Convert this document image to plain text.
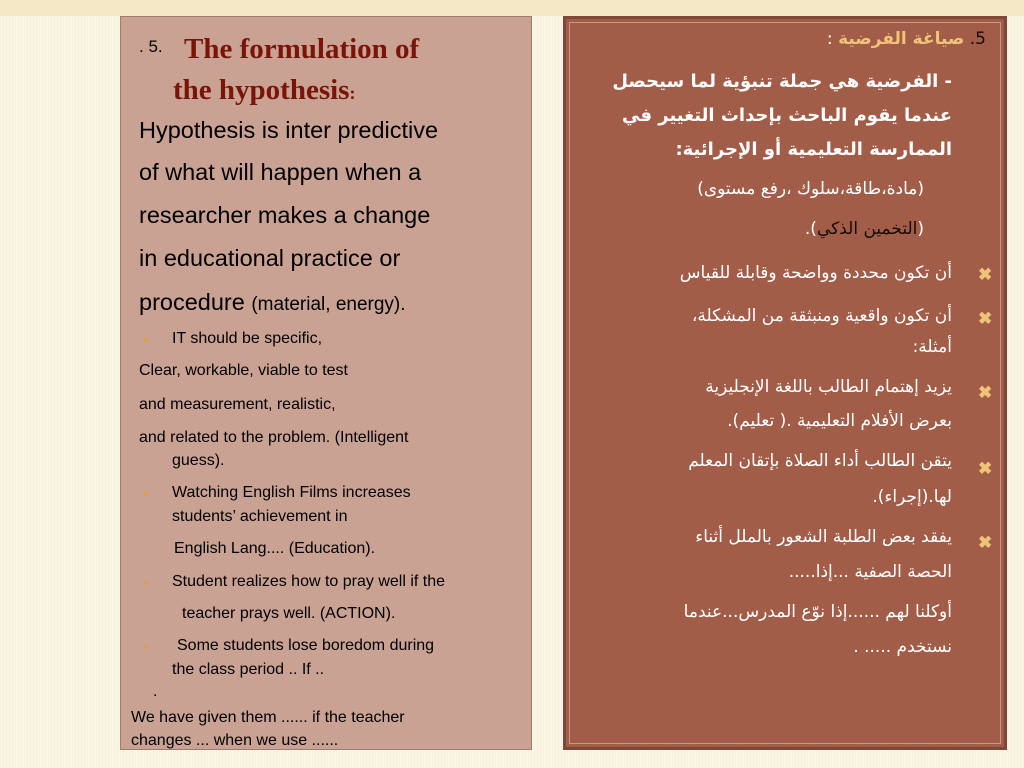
. 5. The formulation of
the hypothesis:

Hypothesis is inter predictive

of what will happen when a

researcher makes a change

in educational practice or

procedure (material, energy).

● IT should be specific,

Clear, workable, viable to test

and measurement, realistic,

and related to the problem. (Intelligent

guess).

● Watching English Films increases

students’ achievement in

English Lang.... (Education).

● Student realizes how to pray well if the

teacher prays well. (ACTION).

● Some students lose boredom during

the class period .. If ..

.

We have given them ...... if the teacher

changes ... when we use ......

5. صياغة الفرضية :

- الفرضية هي جملة تنبؤية لما سيحصل

عندما يقوم الباحث بإحداث التغيير في

الممارسة التعليمية أو الإجرائية:

(مادة،طاقة،سلوك ،رفع مستوى)

(التخمين الذكي).

✖

أن تكون محددة وواضحة وقابلة للقياس

✖

أن تكون واقعية ومنبثقة من المشكلة،

أمثلة:

✖

يزيد إهتمام الطالب باللغة الإنجليزية

بعرض الأفلام التعليمية .( تعليم).

✖

يتقن الطالب أداء الصلاة بإتقان المعلم

لها.(إجراء).

✖

يفقد بعض الطلبة الشعور بالملل أثناء

الحصة الصفية ...إذا.....

أوكلنا لهم ......إذا نوّع المدرس...عندما

نستخدم ..... .
